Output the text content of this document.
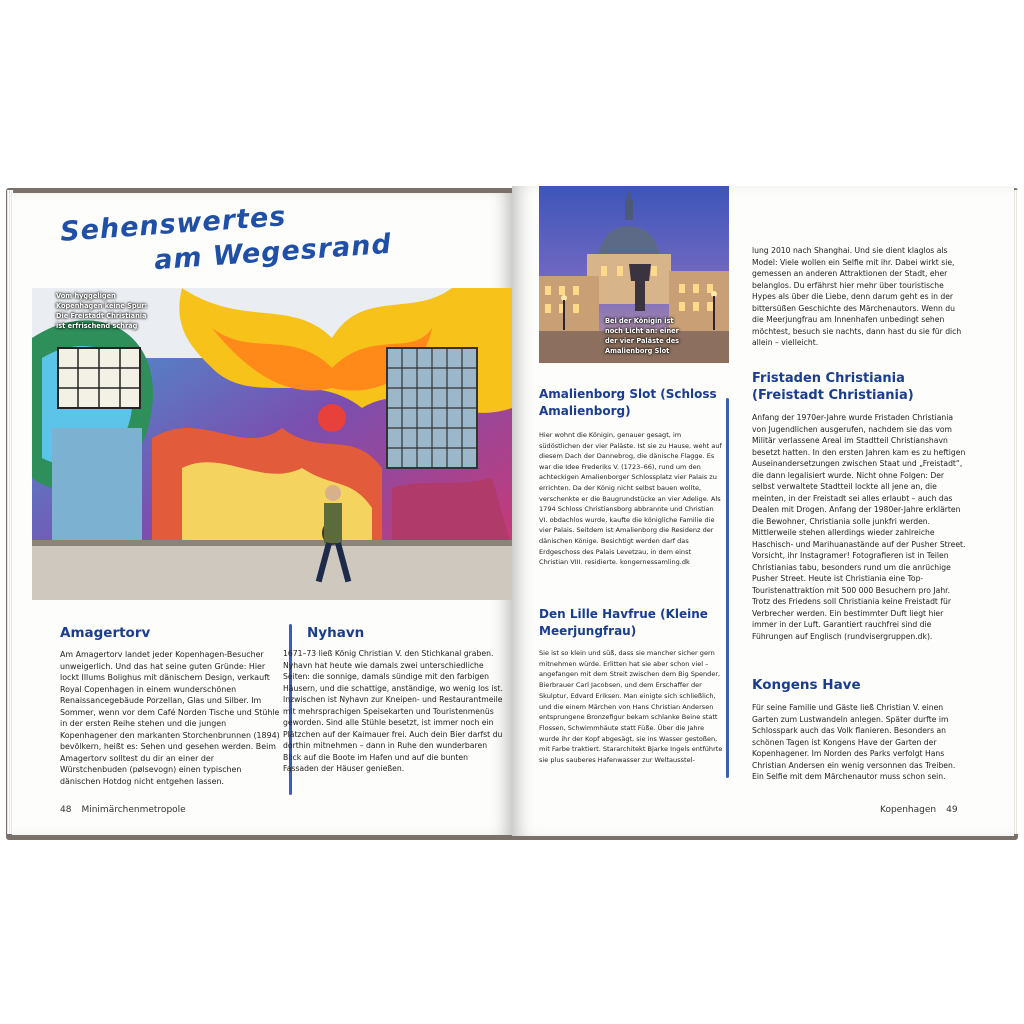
Sehenswertes
am Wegesrand
Vom hyggeligen Kopenhagen keine Spur: Die Freistadt Christiania ist erfrischend schräg
Amagertorv

Am Amagertorv landet jeder Kopenhagen-Besucher unweigerlich. Und das hat seine guten Gründe: Hier lockt Illums Bolighus mit dänischem Design, verkauft Royal Copenhagen in einem wunderschönen Renaissancegebäude Porzellan, Glas und Silber. Im Sommer, wenn vor dem Café Norden Tische und Stühle in der ersten Reihe stehen und die jungen Kopenhagener den markanten Storchenbrunnen (1894) bevölkern, heißt es: Sehen und gesehen werden. Beim Amagertorv solltest du dir an einer der Würstchenbuden (pølsevogn) einen typischen dänischen Hotdog nicht entgehen lassen.

Nyhavn

1671–73 ließ König Christian V. den Stichkanal graben. Nyhavn hat heute wie damals zwei unterschiedliche Seiten: die sonnige, damals sündige mit den farbigen Häusern, und die schattige, anständige, wo wenig los ist. Inzwischen ist Nyhavn zur Kneipen- und Restaurantmeile mit mehrsprachigen Speisekarten und Touristenmenüs geworden. Sind alle Stühle besetzt, ist immer noch ein Plätzchen auf der Kaimauer frei. Auch dein Bier darfst du dorthin mitnehmen – dann in Ruhe den wunderbaren Blick auf die Boote im Hafen und auf die bunten Fassaden der Häuser genießen.

48 Minimärchenmetropole
Bei der Königin ist noch Licht an: einer der vier Paläste des Amalienborg Slot
Amalienborg Slot (Schloss Amalienborg)

Hier wohnt die Königin, genauer gesagt, im südöstlichen der vier Paläste. Ist sie zu Hause, weht auf diesem Dach der Dannebrog, die dänische Flagge. Es war die Idee Frederiks V. (1723–66), rund um den achteckigen Amalienborger Schlossplatz vier Palais zu errichten. Da der König nicht selbst bauen wollte, verschenkte er die Baugrundstücke an vier Adelige. Als 1794 Schloss Christiansborg abbrannte und Christian VI. obdachlos wurde, kaufte die königliche Familie die vier Palais. Seitdem ist Amalienborg die Residenz der dänischen Könige. Besichtigt werden darf das Erdgeschoss des Palais Levetzau, in dem einst Christian VIII. residierte. kongernessamling.dk

Den Lille Havfrue (Kleine Meerjungfrau)

Sie ist so klein und süß, dass sie mancher sicher gern mitnehmen würde. Erlitten hat sie aber schon viel – angefangen mit dem Streit zwischen dem Big Spender, Bierbrauer Carl Jacobsen, und dem Erschaffer der Skulptur, Edvard Eriksen. Man einigte sich schließlich, und die einem Märchen von Hans Christian Andersen entsprungene Bronzefigur bekam schlanke Beine statt Flossen, Schwimmhäute statt Füße. Über die Jahre wurde ihr der Kopf abgesägt, sie ins Wasser gestoßen, mit Farbe traktiert. Stararchitekt Bjarke Ingels entführte sie plus sauberes Hafenwasser zur Weltausstel-

lung 2010 nach Shanghai. Und sie dient klaglos als Model: Viele wollen ein Selfie mit ihr. Dabei wirkt sie, gemessen an anderen Attraktionen der Stadt, eher belanglos. Du erfährst hier mehr über touristische Hypes als über die Liebe, denn darum geht es in der bittersüßen Geschichte des Märchenautors. Wenn du die Meerjungfrau am Innenhafen unbedingt sehen möchtest, besuch sie nachts, dann hast du sie für dich allein – vielleicht.

Fristaden Christiania (Freistadt Christiania)

Anfang der 1970er-Jahre wurde Fristaden Christiania von Jugendlichen ausgerufen, nachdem sie das vom Militär verlassene Areal im Stadtteil Christianshavn besetzt hatten. In den ersten Jahren kam es zu heftigen Auseinandersetzungen zwischen Staat und „Freistadt“, die dann legalisiert wurde. Nicht ohne Folgen: Der selbst verwaltete Stadtteil lockte all jene an, die meinten, in der Freistadt sei alles erlaubt – auch das Dealen mit Drogen. Anfang der 1980er-Jahre erklärten die Bewohner, Christiania solle junkfri werden. Mittlerweile stehen allerdings wieder zahlreiche Haschisch- und Marihuanastände auf der Pusher Street. Vorsicht, ihr Instagramer! Fotografieren ist in Teilen Christianias tabu, besonders rund um die anrüchige Pusher Street. Heute ist Christiania eine Top-Touristenattraktion mit 500 000 Besuchern pro Jahr. Trotz des Friedens soll Christiania keine Freistadt für Verbrecher werden. Ein bestimmter Duft liegt hier immer in der Luft. Garantiert rauchfrei sind die Führungen auf Englisch (rundvisergruppen.dk).

Kongens Have

Für seine Familie und Gäste ließ Christian V. einen Garten zum Lustwandeln anlegen. Später durfte im Schlosspark auch das Volk flanieren. Besonders an schönen Tagen ist Kongens Have der Garten der Kopenhagener. Im Norden des Parks verfolgt Hans Christian Andersen ein wenig versonnen das Treiben. Ein Selfie mit dem Märchenautor muss schon sein.

Kopenhagen 49
